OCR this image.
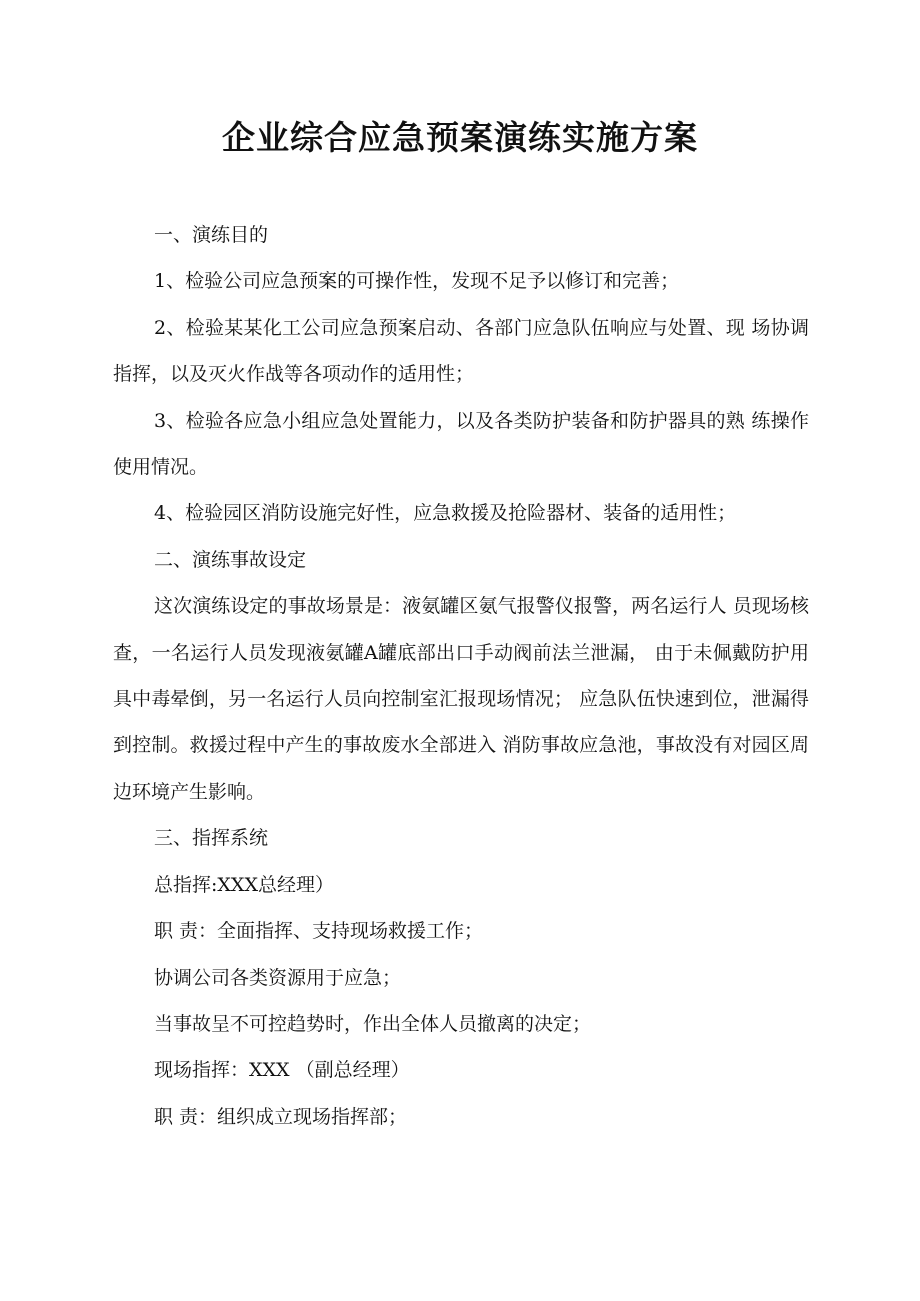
企业综合应急预案演练实施方案

一、演练目的

1、检验公司应急预案的可操作性，发现不足予以修订和完善；

2、检验某某化工公司应急预案启动、各部门应急队伍响应与处置、现 场协调指挥，以及灭火作战等各项动作的适用性；

3、检验各应急小组应急处置能力，以及各类防护装备和防护器具的熟 练操作使用情况。

4、检验园区消防设施完好性，应急救援及抢险器材、装备的适用性；

二、演练事故设定

这次演练设定的事故场景是：液氨罐区氨气报警仪报警，两名运行人 员现场核查，一名运行人员发现液氨罐A罐底部出口手动阀前法兰泄漏， 由于未佩戴防护用具中毒晕倒，另一名运行人员向控制室汇报现场情况； 应急队伍快速到位，泄漏得到控制。救援过程中产生的事故废水全部进入 消防事故应急池，事故没有对园区周边环境产生影响。

三、指挥系统

总指挥:XXX总经理）

职 责：全面指挥、支持现场救援工作；

协调公司各类资源用于应急；

当事故呈不可控趋势时，作出全体人员撤离的决定；

现场指挥：XXX （副总经理）

职 责：组织成立现场指挥部；
